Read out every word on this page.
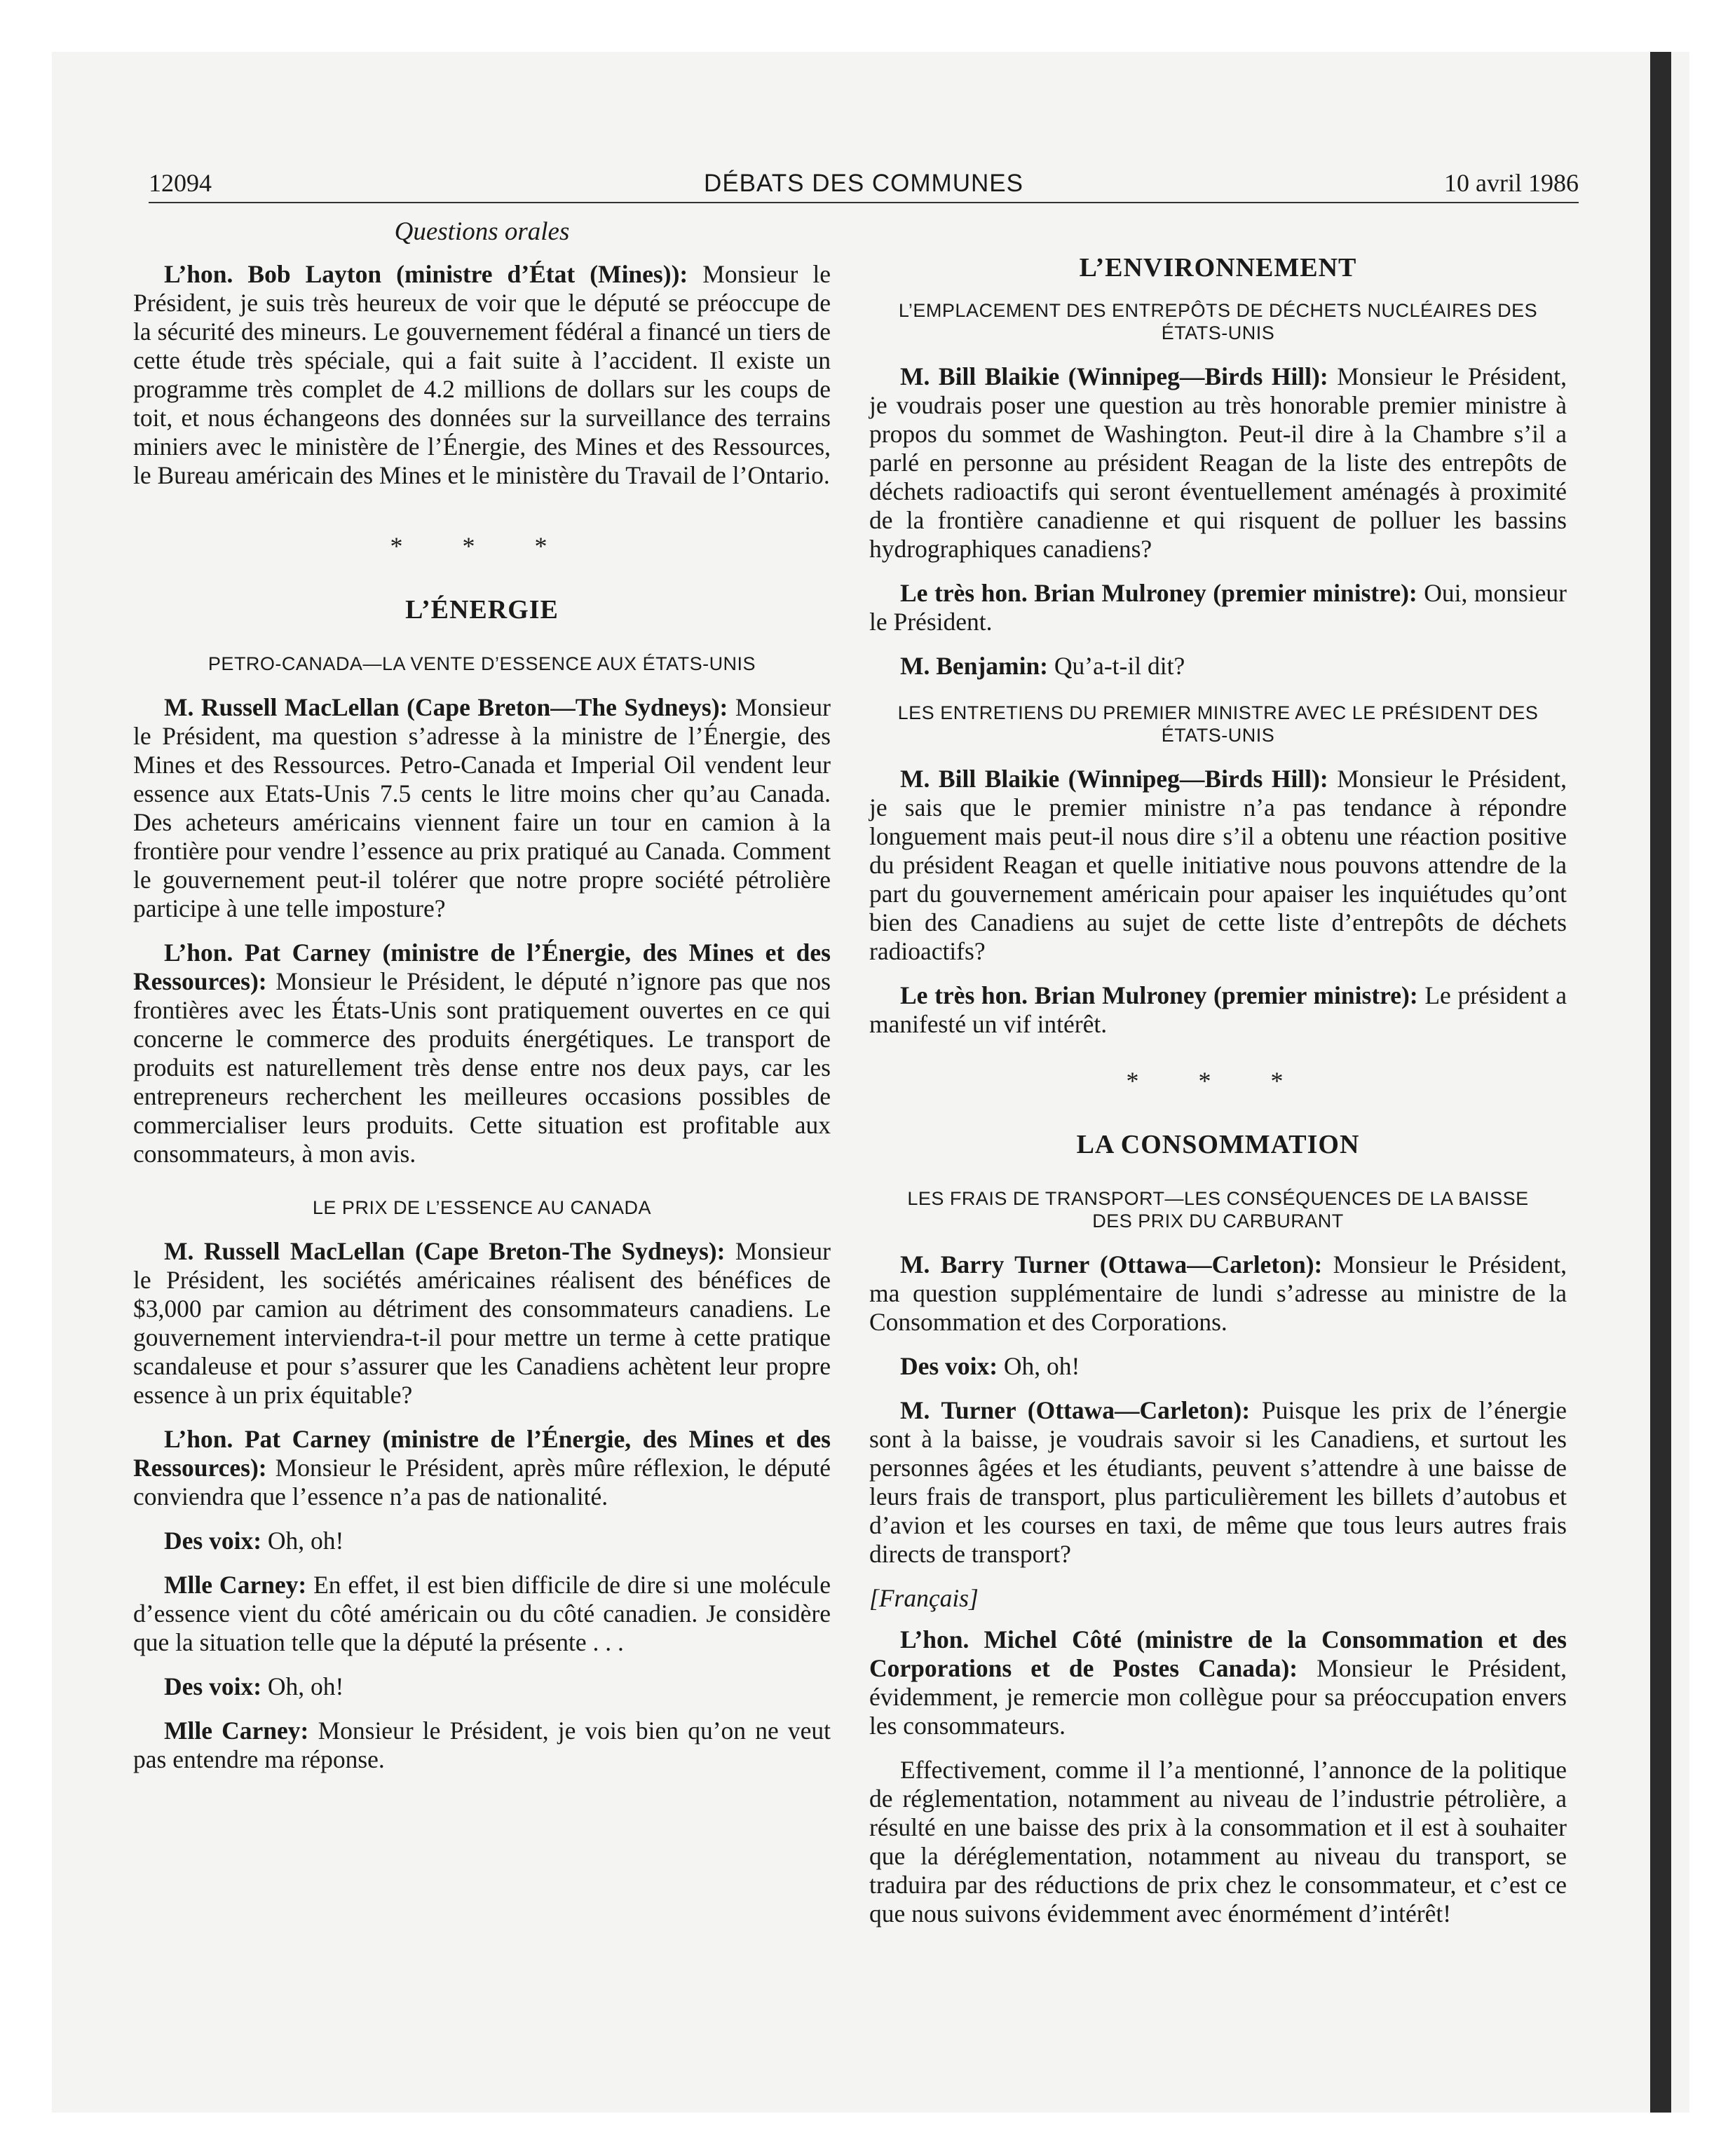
12094	DÉBATS DES COMMUNES	10 avril 1986
Questions orales

L’hon. Bob Layton (ministre d’État (Mines)): Monsieur le Président, je suis très heureux de voir que le député se préoccupe de la sécurité des mineurs. Le gouvernement fédéral a financé un tiers de cette étude très spéciale, qui a fait suite à l’accident. Il existe un programme très complet de 4.2 millions de dollars sur les coups de toit, et nous échangeons des données sur la surveillance des terrains miniers avec le ministère de l’Énergie, des Mines et des Ressources, le Bureau américain des Mines et le ministère du Travail de l’Ontario.

* * *
L’ÉNERGIE
PETRO-CANADA—LA VENTE D’ESSENCE AUX ÉTATS-UNIS

M. Russell MacLellan (Cape Breton—The Sydneys): Monsieur le Président, ma question s’adresse à la ministre de l’Énergie, des Mines et des Ressources. Petro-Canada et Imperial Oil vendent leur essence aux Etats-Unis 7.5 cents le litre moins cher qu’au Canada. Des acheteurs américains viennent faire un tour en camion à la frontière pour vendre l’essence au prix pratiqué au Canada. Comment le gouvernement peut-il tolérer que notre propre société pétrolière participe à une telle imposture?

L’hon. Pat Carney (ministre de l’Énergie, des Mines et des Ressources): Monsieur le Président, le député n’ignore pas que nos frontières avec les États-Unis sont pratiquement ouvertes en ce qui concerne le commerce des produits énergétiques. Le transport de produits est naturellement très dense entre nos deux pays, car les entrepreneurs recherchent les meilleures occasions possibles de commercialiser leurs produits. Cette situation est profitable aux consommateurs, à mon avis.

LE PRIX DE L’ESSENCE AU CANADA

M. Russell MacLellan (Cape Breton-The Sydneys): Monsieur le Président, les sociétés américaines réalisent des bénéfices de $3,000 par camion au détriment des consommateurs canadiens. Le gouvernement interviendra-t-il pour mettre un terme à cette pratique scandaleuse et pour s’assurer que les Canadiens achètent leur propre essence à un prix équitable?

L’hon. Pat Carney (ministre de l’Énergie, des Mines et des Ressources): Monsieur le Président, après mûre réflexion, le député conviendra que l’essence n’a pas de nationalité.

Des voix: Oh, oh!

Mlle Carney: En effet, il est bien difficile de dire si une molécule d’essence vient du côté américain ou du côté canadien. Je considère que la situation telle que la député la présente . . .

Des voix: Oh, oh!

Mlle Carney: Monsieur le Président, je vois bien qu’on ne veut pas entendre ma réponse.

L’ENVIRONNEMENT
L’EMPLACEMENT DES ENTREPÔTS DE DÉCHETS NUCLÉAIRES DES ÉTATS-UNIS

M. Bill Blaikie (Winnipeg—Birds Hill): Monsieur le Président, je voudrais poser une question au très honorable premier ministre à propos du sommet de Washington. Peut-il dire à la Chambre s’il a parlé en personne au président Reagan de la liste des entrepôts de déchets radioactifs qui seront éventuellement aménagés à proximité de la frontière canadienne et qui risquent de polluer les bassins hydrographiques canadiens?

Le très hon. Brian Mulroney (premier ministre): Oui, monsieur le Président.

M. Benjamin: Qu’a-t-il dit?

LES ENTRETIENS DU PREMIER MINISTRE AVEC LE PRÉSIDENT DES ÉTATS-UNIS

M. Bill Blaikie (Winnipeg—Birds Hill): Monsieur le Président, je sais que le premier ministre n’a pas tendance à répondre longuement mais peut-il nous dire s’il a obtenu une réaction positive du président Reagan et quelle initiative nous pouvons attendre de la part du gouvernement américain pour apaiser les inquiétudes qu’ont bien des Canadiens au sujet de cette liste d’entrepôts de déchets radioactifs?

Le très hon. Brian Mulroney (premier ministre): Le président a manifesté un vif intérêt.

* * *
LA CONSOMMATION
LES FRAIS DE TRANSPORT—LES CONSÉQUENCES DE LA BAISSE DES PRIX DU CARBURANT

M. Barry Turner (Ottawa—Carleton): Monsieur le Président, ma question supplémentaire de lundi s’adresse au ministre de la Consommation et des Corporations.

Des voix: Oh, oh!

M. Turner (Ottawa—Carleton): Puisque les prix de l’énergie sont à la baisse, je voudrais savoir si les Canadiens, et surtout les personnes âgées et les étudiants, peuvent s’attendre à une baisse de leurs frais de transport, plus particulièrement les billets d’autobus et d’avion et les courses en taxi, de même que tous leurs autres frais directs de transport?

[Français]

L’hon. Michel Côté (ministre de la Consommation et des Corporations et de Postes Canada): Monsieur le Président, évidemment, je remercie mon collègue pour sa préoccupation envers les consommateurs.

Effectivement, comme il l’a mentionné, l’annonce de la politique de réglementation, notamment au niveau de l’industrie pétrolière, a résulté en une baisse des prix à la consommation et il est à souhaiter que la déréglementation, notamment au niveau du transport, se traduira par des réductions de prix chez le consommateur, et c’est ce que nous suivons évidemment avec énormément d’intérêt!
